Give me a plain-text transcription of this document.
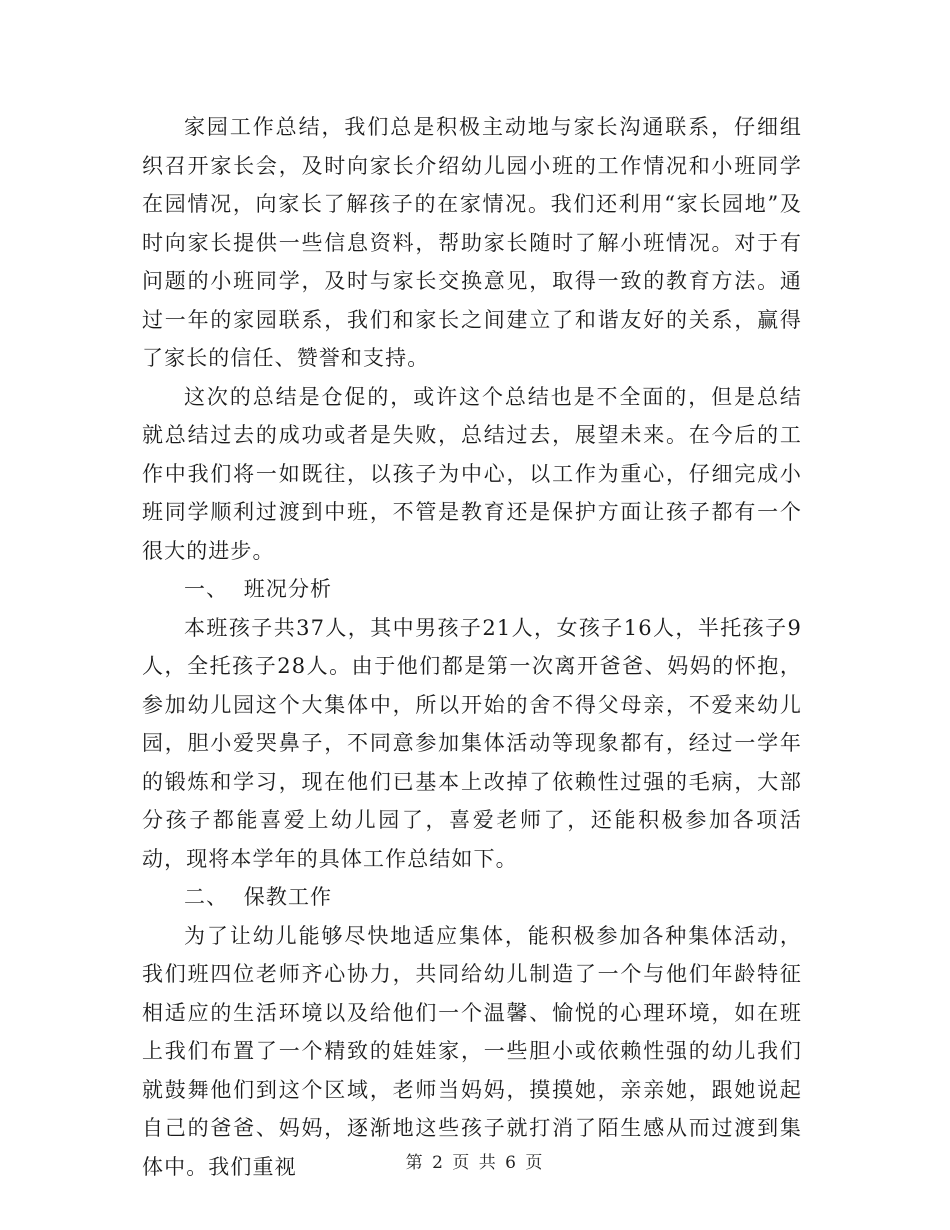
家园工作总结，我们总是积极主动地与家长沟通联系，仔细组织召开家长会，及时向家长介绍幼儿园小班的工作情况和小班同学在园情况，向家长了解孩子的在家情况。我们还利用“家长园地”及时向家长提供一些信息资料，帮助家长随时了解小班情况。对于有问题的小班同学，及时与家长交换意见，取得一致的教育方法。通过一年的家园联系，我们和家长之间建立了和谐友好的关系，赢得了家长的信任、赞誉和支持。

这次的总结是仓促的，或许这个总结也是不全面的，但是总结就总结过去的成功或者是失败，总结过去，展望未来。在今后的工作中我们将一如既往，以孩子为中心，以工作为重心，仔细完成小班同学顺利过渡到中班，不管是教育还是保护方面让孩子都有一个很大的进步。

一、  班况分析

本班孩子共37人，其中男孩子21人，女孩子16人，半托孩子9人，全托孩子28人。由于他们都是第一次离开爸爸、妈妈的怀抱，参加幼儿园这个大集体中，所以开始的舍不得父母亲，不爱来幼儿园，胆小爱哭鼻子，不同意参加集体活动等现象都有，经过一学年的锻炼和学习，现在他们已基本上改掉了依赖性过强的毛病，大部分孩子都能喜爱上幼儿园了，喜爱老师了，还能积极参加各项活动，现将本学年的具体工作总结如下。

二、  保教工作

为了让幼儿能够尽快地适应集体，能积极参加各种集体活动，我们班四位老师齐心协力，共同给幼儿制造了一个与他们年龄特征相适应的生活环境以及给他们一个温馨、愉悦的心理环境，如在班上我们布置了一个精致的娃娃家，一些胆小或依赖性强的幼儿我们就鼓舞他们到这个区域，老师当妈妈，摸摸她，亲亲她，跟她说起自己的爸爸、妈妈，逐渐地这些孩子就打消了陌生感从而过渡到集体中。我们重视	第 2 页 共 6 页
